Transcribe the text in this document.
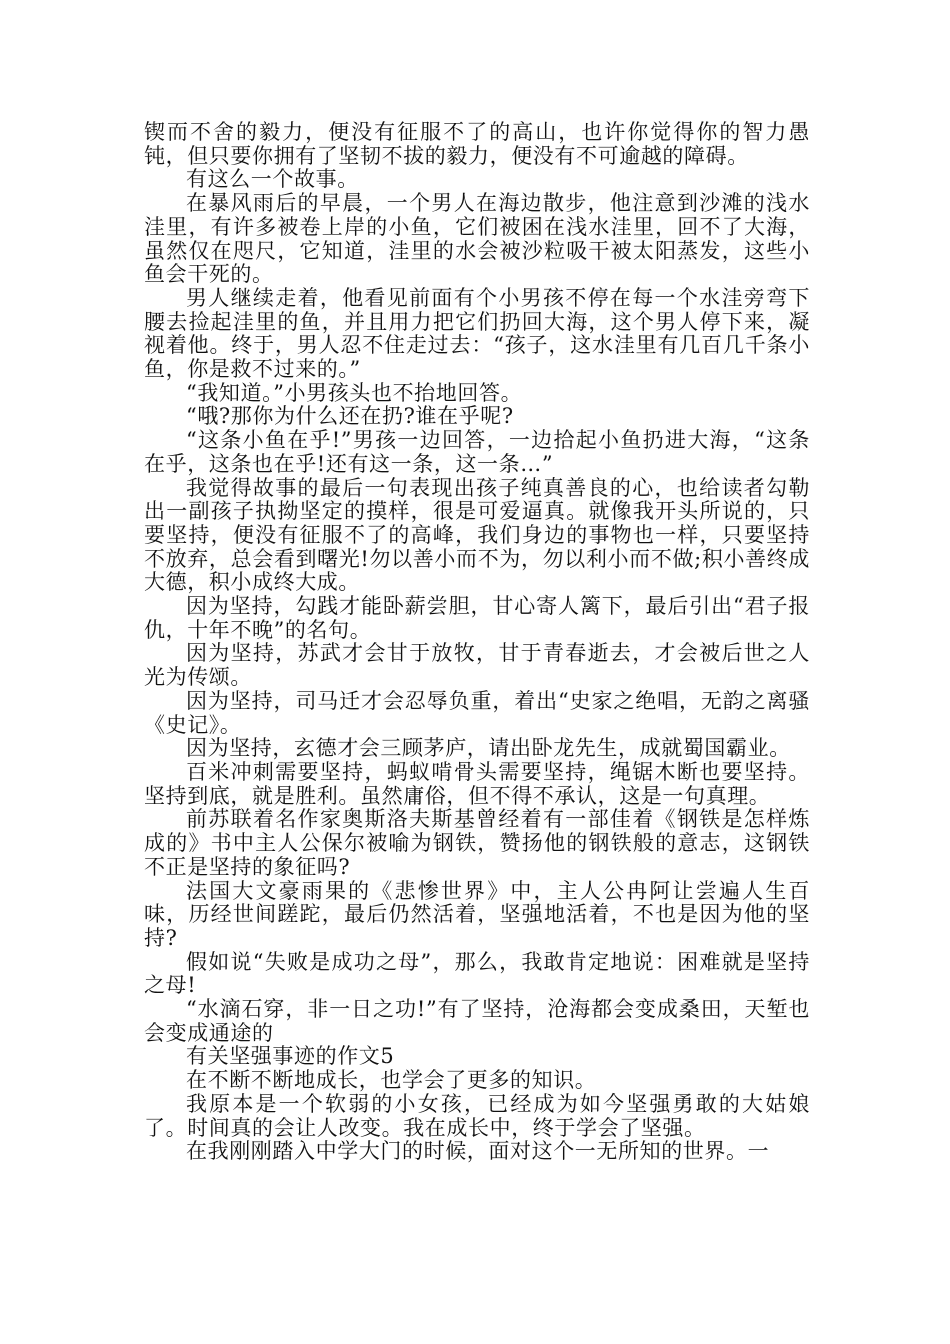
锲而不舍的毅力，便没有征服不了的高山，也许你觉得你的智力愚钝，但只要你拥有了坚韧不拔的毅力，便没有不可逾越的障碍。

有这么一个故事。

在暴风雨后的早晨，一个男人在海边散步，他注意到沙滩的浅水洼里，有许多被卷上岸的小鱼，它们被困在浅水洼里，回不了大海，虽然仅在咫尺，它知道，洼里的水会被沙粒吸干被太阳蒸发，这些小鱼会干死的。

男人继续走着，他看见前面有个小男孩不停在每一个水洼旁弯下腰去捡起洼里的鱼，并且用力把它们扔回大海，这个男人停下来，凝视着他。终于，男人忍不住走过去：“孩子，这水洼里有几百几千条小鱼，你是救不过来的。”

“我知道。”小男孩头也不抬地回答。

“哦?那你为什么还在扔?谁在乎呢?

“这条小鱼在乎!”男孩一边回答，一边拾起小鱼扔进大海，“这条在乎，这条也在乎!还有这一条，这一条…”

我觉得故事的最后一句表现出孩子纯真善良的心，也给读者勾勒出一副孩子执拗坚定的摸样，很是可爱逼真。就像我开头所说的，只要坚持，便没有征服不了的高峰，我们身边的事物也一样，只要坚持不放弃，总会看到曙光!勿以善小而不为，勿以利小而不做;积小善终成大德，积小成终大成。

因为坚持，勾践才能卧薪尝胆，甘心寄人篱下，最后引出“君子报仇，十年不晚”的名句。

因为坚持，苏武才会甘于放牧，甘于青春逝去，才会被后世之人光为传颂。

因为坚持，司马迁才会忍辱负重，着出“史家之绝唱，无韵之离骚《史记》。

因为坚持，玄德才会三顾茅庐，请出卧龙先生，成就蜀国霸业。

百米冲刺需要坚持，蚂蚁啃骨头需要坚持，绳锯木断也要坚持。坚持到底，就是胜利。虽然庸俗，但不得不承认，这是一句真理。

前苏联着名作家奥斯洛夫斯基曾经着有一部佳着《钢铁是怎样炼成的》书中主人公保尔被喻为钢铁，赞扬他的钢铁般的意志，这钢铁不正是坚持的象征吗?

法国大文豪雨果的《悲惨世界》中，主人公冉阿让尝遍人生百味，历经世间蹉跎，最后仍然活着，坚强地活着，不也是因为他的坚持?

假如说“失败是成功之母”，那么，我敢肯定地说：困难就是坚持之母!

“水滴石穿，非一日之功!”有了坚持，沧海都会变成桑田，天堑也会变成通途的

有关坚强事迹的作文5

在不断不断地成长，也学会了更多的知识。

我原本是一个软弱的小女孩，已经成为如今坚强勇敢的大姑娘了。时间真的会让人改变。我在成长中，终于学会了坚强。

在我刚刚踏入中学大门的时候，面对这个一无所知的世界。一
